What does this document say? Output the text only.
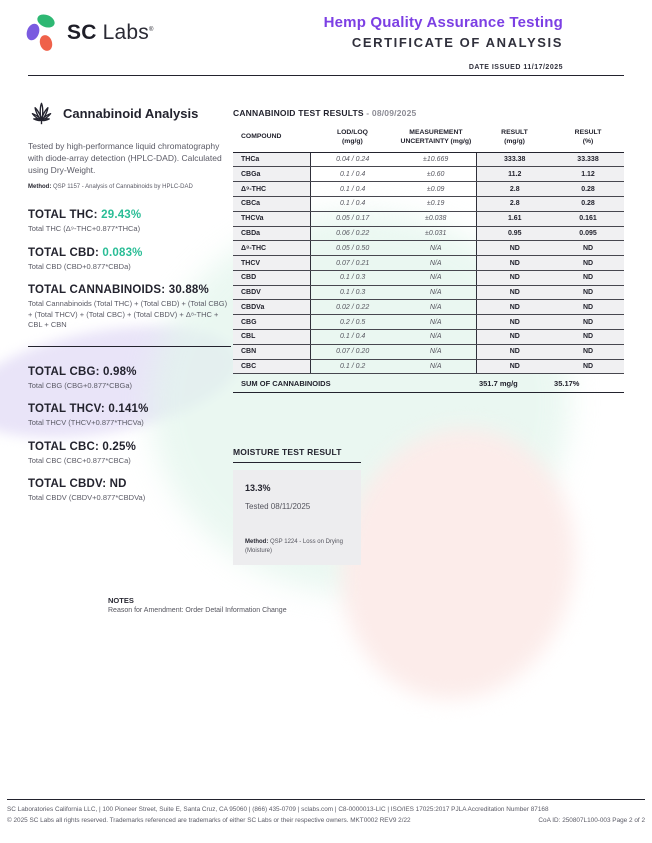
SC Labs®	Hemp Quality Assurance Testing
CERTIFICATE OF ANALYSIS
DATE ISSUED 11/17/2025
Cannabinoid Analysis

Tested by high-performance liquid chromatography with diode-array detection (HPLC-DAD). Calculated using Dry-Weight.

Method: QSP 1157 - Analysis of Cannabinoids by HPLC-DAD
TOTAL THC: 29.43%

Total THC (Δ⁹-THC+0.877*THCa)

TOTAL CBD: 0.083%

Total CBD (CBD+0.877*CBDa)

TOTAL CANNABINOIDS: 30.88%

Total Cannabinoids (Total THC) + (Total CBD) + (Total CBG) + (Total THCV) + (Total CBC) + (Total CBDV) + Δ⁸-THC + CBL + CBN

TOTAL CBG: 0.98%

Total CBG (CBG+0.877*CBGa)

TOTAL THCV: 0.141%

Total THCV (THCV+0.877*THCVa)

TOTAL CBC: 0.25%

Total CBC (CBC+0.877*CBCa)

TOTAL CBDV: ND

Total CBDV (CBDV+0.877*CBDVa)

CANNABINOID TEST RESULTS - 08/09/2025
COMPOUND

LOD/LOQ
(mg/g)

MEASUREMENT
UNCERTAINTY (mg/g)

RESULT
(mg/g)

RESULT
(%)

THCa	0.04 / 0.24	±10.669	333.38	33.338
CBGa	0.1 / 0.4	±0.60	11.2	1.12
Δ⁹-THC	0.1 / 0.4	±0.09	2.8	0.28
CBCa	0.1 / 0.4	±0.19	2.8	0.28
THCVa	0.05 / 0.17	±0.038	1.61	0.161
CBDa	0.06 / 0.22	±0.031	0.95	0.095
Δ⁸-THC	0.05 / 0.50	N/A	ND	ND
THCV	0.07 / 0.21	N/A	ND	ND
CBD	0.1 / 0.3	N/A	ND	ND
CBDV	0.1 / 0.3	N/A	ND	ND
CBDVa	0.02 / 0.22	N/A	ND	ND
CBG	0.2 / 0.5	N/A	ND	ND
CBL	0.1 / 0.4	N/A	ND	ND
CBN	0.07 / 0.20	N/A	ND	ND
CBC	0.1 / 0.2	N/A	ND	ND
SUM OF CANNABINOIDS			351.7 mg/g	35.17%
MOISTURE TEST RESULT
13.3%
Tested 08/11/2025
Method: QSP 1224 - Loss on Drying (Moisture)
NOTES
Reason for Amendment: Order Detail Information Change
SC Laboratories California LLC, | 100 Pioneer Street, Suite E, Santa Cruz, CA 95060 | (866) 435-0709 | sclabs.com | C8-0000013-LIC | ISO/IES 17025:2017 PJLA Accreditation Number 87168
© 2025 SC Labs all rights reserved. Trademarks referenced are trademarks of either SC Labs or their respective owners. MKT0002 REV9 2/22	CoA ID: 250807L100-003 Page 2 of 2
